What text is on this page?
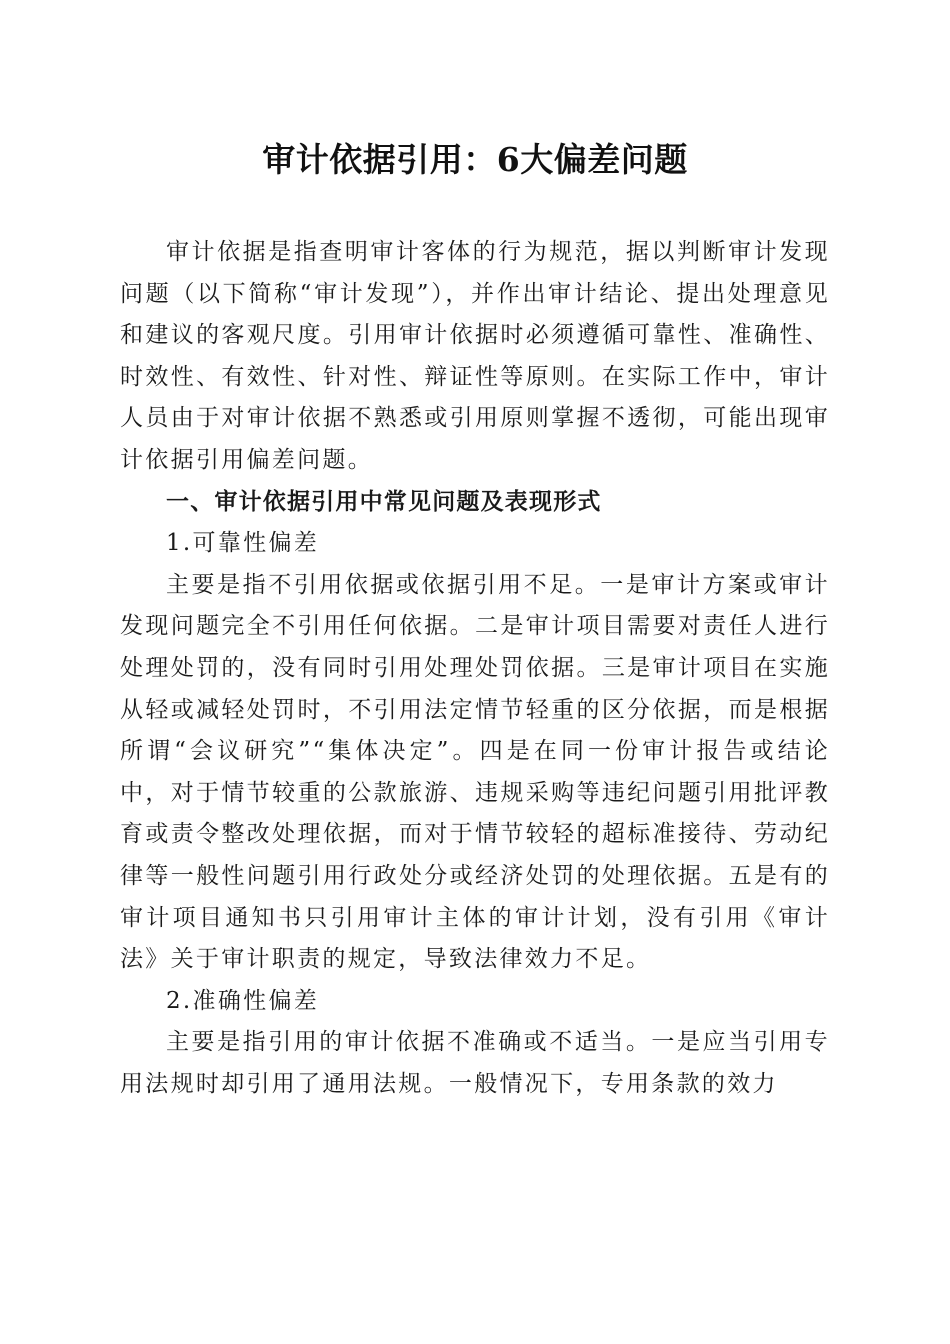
审计依据引用：6大偏差问题

审计依据是指查明审计客体的行为规范，据以判断审计发现问题（以下简称“审计发现”），并作出审计结论、提出处理意见和建议的客观尺度。引用审计依据时必须遵循可靠性、准确性、时效性、有效性、针对性、辩证性等原则。在实际工作中，审计人员由于对审计依据不熟悉或引用原则掌握不透彻，可能出现审计依据引用偏差问题。

一、审计依据引用中常见问题及表现形式

1.可靠性偏差

主要是指不引用依据或依据引用不足。一是审计方案或审计发现问题完全不引用任何依据。二是审计项目需要对责任人进行处理处罚的，没有同时引用处理处罚依据。三是审计项目在实施从轻或减轻处罚时，不引用法定情节轻重的区分依据，而是根据所谓“会议研究”“集体决定”。四是在同一份审计报告或结论中，对于情节较重的公款旅游、违规采购等违纪问题引用批评教育或责令整改处理依据，而对于情节较轻的超标准接待、劳动纪律等一般性问题引用行政处分或经济处罚的处理依据。五是有的审计项目通知书只引用审计主体的审计计划，没有引用《审计法》关于审计职责的规定，导致法律效力不足。

2.准确性偏差

主要是指引用的审计依据不准确或不适当。一是应当引用专用法规时却引用了通用法规。一般情况下，专用条款的效力
